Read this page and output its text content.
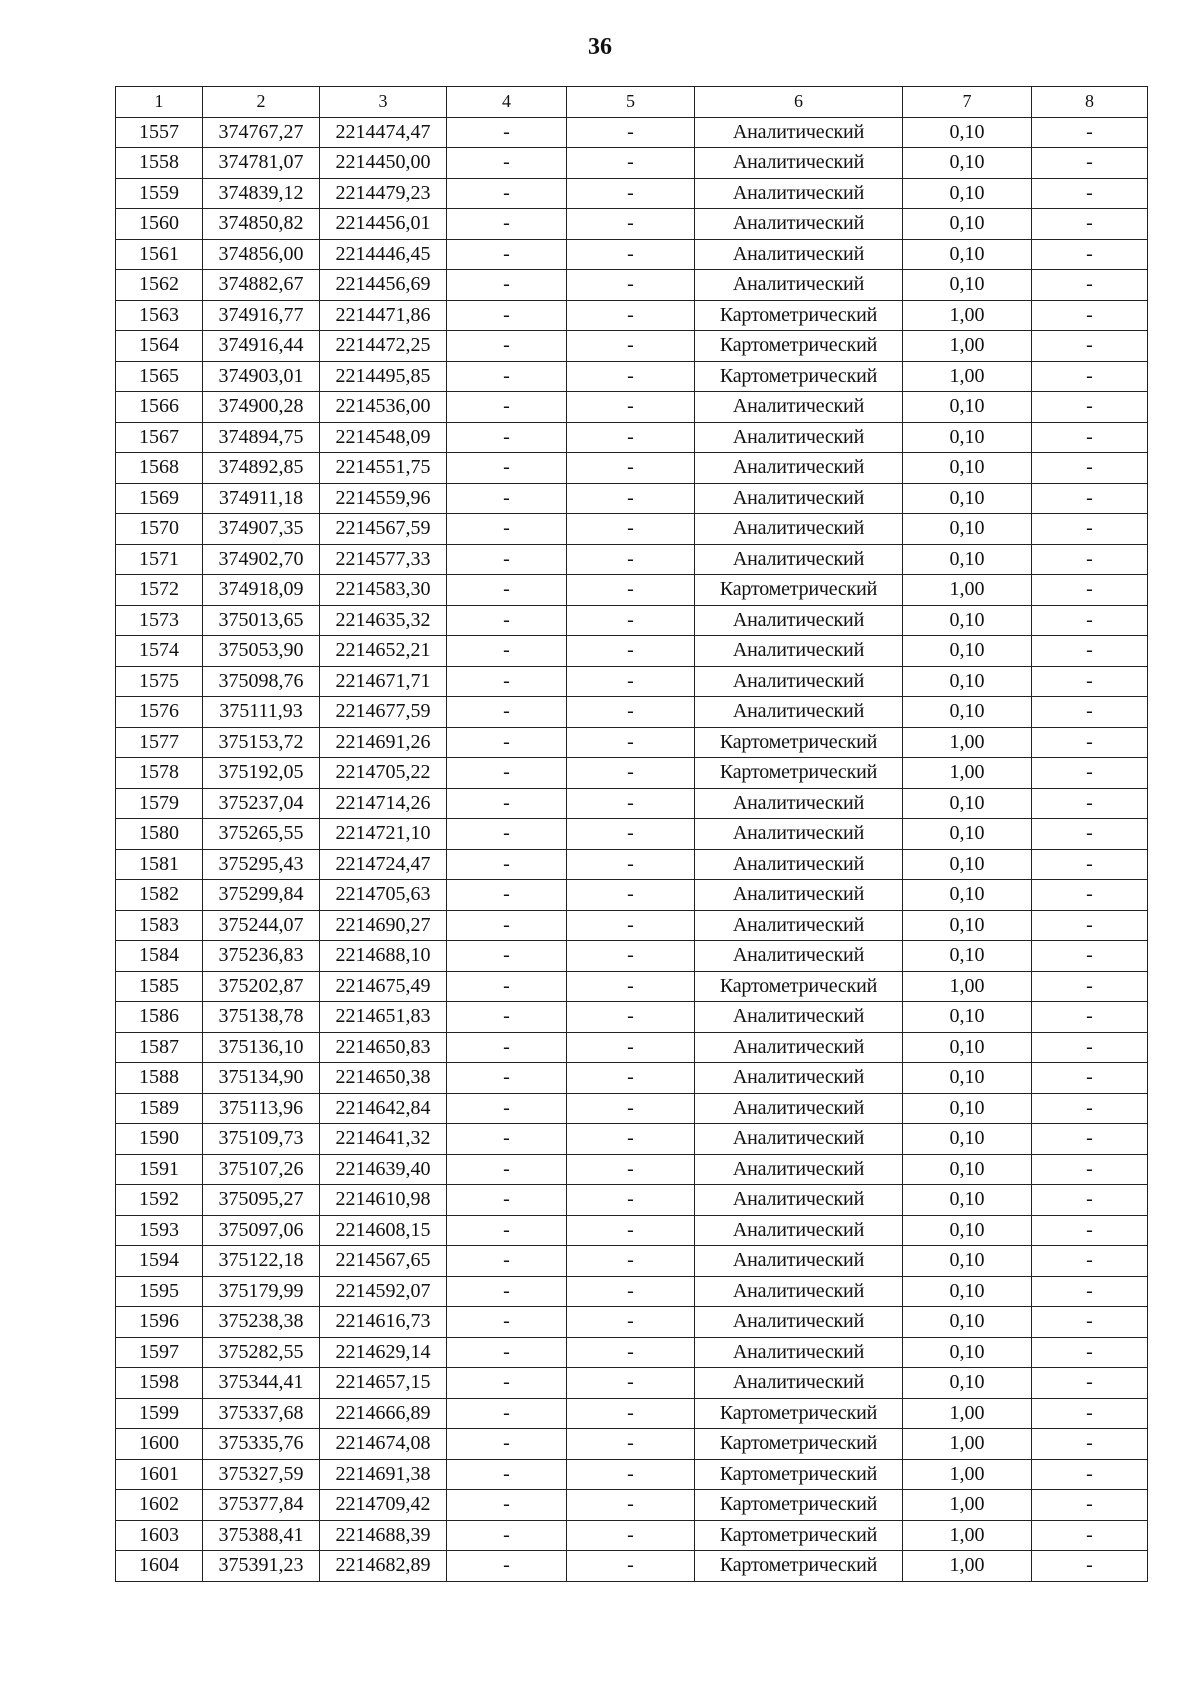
36
1	2	3	4	5	6	7	8
1557	374767,27	2214474,47	-	-	Аналитический	0,10	-
1558	374781,07	2214450,00	-	-	Аналитический	0,10	-
1559	374839,12	2214479,23	-	-	Аналитический	0,10	-
1560	374850,82	2214456,01	-	-	Аналитический	0,10	-
1561	374856,00	2214446,45	-	-	Аналитический	0,10	-
1562	374882,67	2214456,69	-	-	Аналитический	0,10	-
1563	374916,77	2214471,86	-	-	Картометрический	1,00	-
1564	374916,44	2214472,25	-	-	Картометрический	1,00	-
1565	374903,01	2214495,85	-	-	Картометрический	1,00	-
1566	374900,28	2214536,00	-	-	Аналитический	0,10	-
1567	374894,75	2214548,09	-	-	Аналитический	0,10	-
1568	374892,85	2214551,75	-	-	Аналитический	0,10	-
1569	374911,18	2214559,96	-	-	Аналитический	0,10	-
1570	374907,35	2214567,59	-	-	Аналитический	0,10	-
1571	374902,70	2214577,33	-	-	Аналитический	0,10	-
1572	374918,09	2214583,30	-	-	Картометрический	1,00	-
1573	375013,65	2214635,32	-	-	Аналитический	0,10	-
1574	375053,90	2214652,21	-	-	Аналитический	0,10	-
1575	375098,76	2214671,71	-	-	Аналитический	0,10	-
1576	375111,93	2214677,59	-	-	Аналитический	0,10	-
1577	375153,72	2214691,26	-	-	Картометрический	1,00	-
1578	375192,05	2214705,22	-	-	Картометрический	1,00	-
1579	375237,04	2214714,26	-	-	Аналитический	0,10	-
1580	375265,55	2214721,10	-	-	Аналитический	0,10	-
1581	375295,43	2214724,47	-	-	Аналитический	0,10	-
1582	375299,84	2214705,63	-	-	Аналитический	0,10	-
1583	375244,07	2214690,27	-	-	Аналитический	0,10	-
1584	375236,83	2214688,10	-	-	Аналитический	0,10	-
1585	375202,87	2214675,49	-	-	Картометрический	1,00	-
1586	375138,78	2214651,83	-	-	Аналитический	0,10	-
1587	375136,10	2214650,83	-	-	Аналитический	0,10	-
1588	375134,90	2214650,38	-	-	Аналитический	0,10	-
1589	375113,96	2214642,84	-	-	Аналитический	0,10	-
1590	375109,73	2214641,32	-	-	Аналитический	0,10	-
1591	375107,26	2214639,40	-	-	Аналитический	0,10	-
1592	375095,27	2214610,98	-	-	Аналитический	0,10	-
1593	375097,06	2214608,15	-	-	Аналитический	0,10	-
1594	375122,18	2214567,65	-	-	Аналитический	0,10	-
1595	375179,99	2214592,07	-	-	Аналитический	0,10	-
1596	375238,38	2214616,73	-	-	Аналитический	0,10	-
1597	375282,55	2214629,14	-	-	Аналитический	0,10	-
1598	375344,41	2214657,15	-	-	Аналитический	0,10	-
1599	375337,68	2214666,89	-	-	Картометрический	1,00	-
1600	375335,76	2214674,08	-	-	Картометрический	1,00	-
1601	375327,59	2214691,38	-	-	Картометрический	1,00	-
1602	375377,84	2214709,42	-	-	Картометрический	1,00	-
1603	375388,41	2214688,39	-	-	Картометрический	1,00	-
1604	375391,23	2214682,89	-	-	Картометрический	1,00	-
